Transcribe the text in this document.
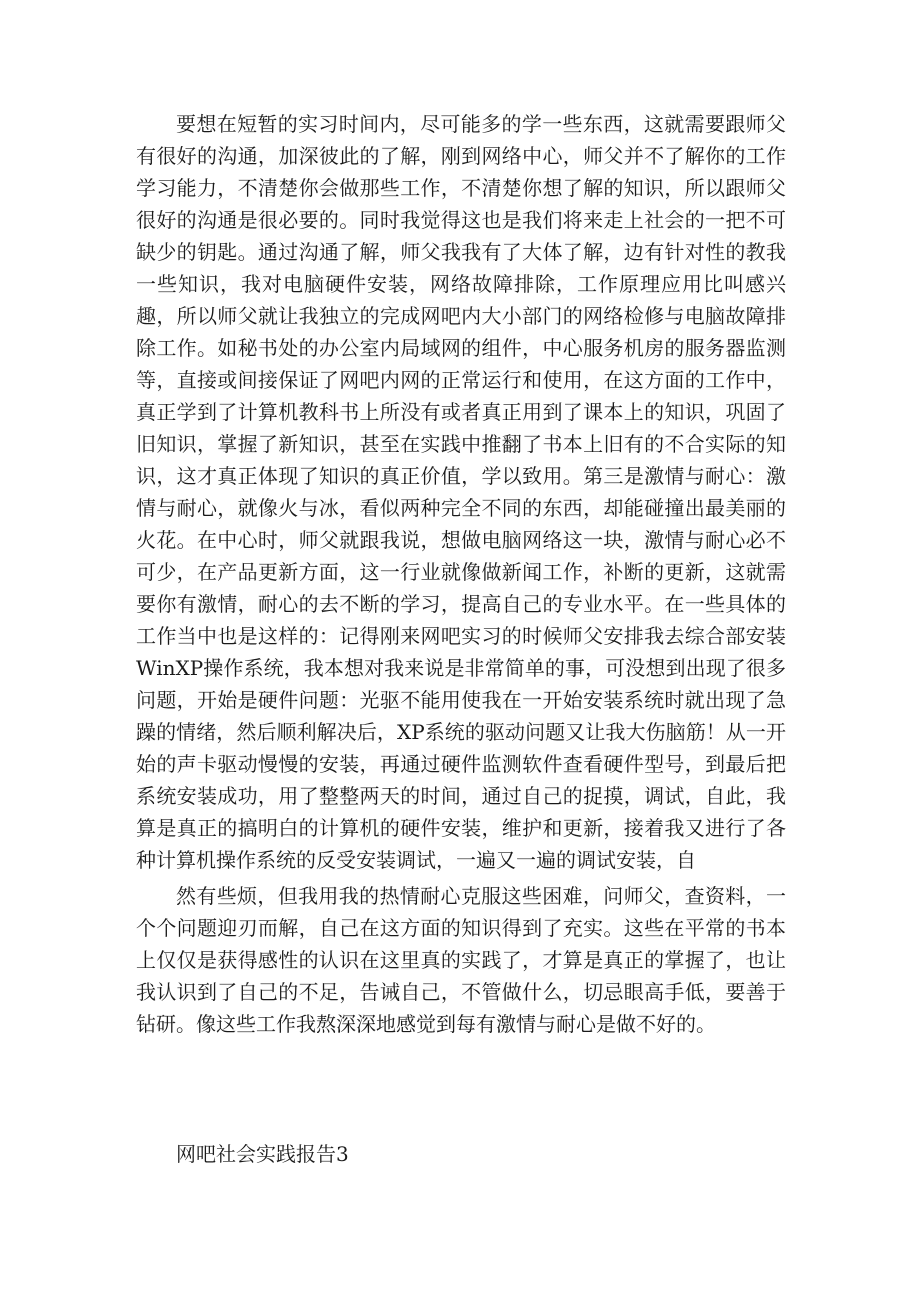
要想在短暂的实习时间内，尽可能多的学一些东西，这就需要跟师父有很好的沟通，加深彼此的了解，刚到网络中心，师父并不了解你的工作学习能力，不清楚你会做那些工作，不清楚你想了解的知识，所以跟师父很好的沟通是很必要的。同时我觉得这也是我们将来走上社会的一把不可缺少的钥匙。通过沟通了解，师父我我有了大体了解，边有针对性的教我一些知识，我对电脑硬件安装，网络故障排除，工作原理应用比叫感兴趣，所以师父就让我独立的完成网吧内大小部门的网络检修与电脑故障排除工作。如秘书处的办公室内局域网的组件，中心服务机房的服务器监测等，直接或间接保证了网吧内网的正常运行和使用，在这方面的工作中，真正学到了计算机教科书上所没有或者真正用到了课本上的知识，巩固了旧知识，掌握了新知识，甚至在实践中推翻了书本上旧有的不合实际的知识，这才真正体现了知识的真正价值，学以致用。第三是激情与耐心：激情与耐心，就像火与冰，看似两种完全不同的东西，却能碰撞出最美丽的火花。在中心时，师父就跟我说，想做电脑网络这一块，激情与耐心必不可少，在产品更新方面，这一行业就像做新闻工作，补断的更新，这就需要你有激情，耐心的去不断的学习，提高自己的专业水平。在一些具体的工作当中也是这样的：记得刚来网吧实习的时候师父安排我去综合部安装WinXP操作系统，我本想对我来说是非常简单的事，可没想到出现了很多问题，开始是硬件问题：光驱不能用使我在一开始安装系统时就出现了急躁的情绪，然后顺利解决后，XP系统的驱动问题又让我大伤脑筋！从一开始的声卡驱动慢慢的安装，再通过硬件监测软件查看硬件型号，到最后把系统安装成功，用了整整两天的时间，通过自己的捉摸，调试，自此，我算是真正的搞明白的计算机的硬件安装，维护和更新，接着我又进行了各种计算机操作系统的反受安装调试，一遍又一遍的调试安装，自

然有些烦，但我用我的热情耐心克服这些困难，问师父，查资料，一个个问题迎刃而解，自己在这方面的知识得到了充实。这些在平常的书本上仅仅是获得感性的认识在这里真的实践了，才算是真正的掌握了，也让我认识到了自己的不足，告诫自己，不管做什么，切忌眼高手低，要善于钻研。像这些工作我熬深深地感觉到每有激情与耐心是做不好的。

网吧社会实践报告3
